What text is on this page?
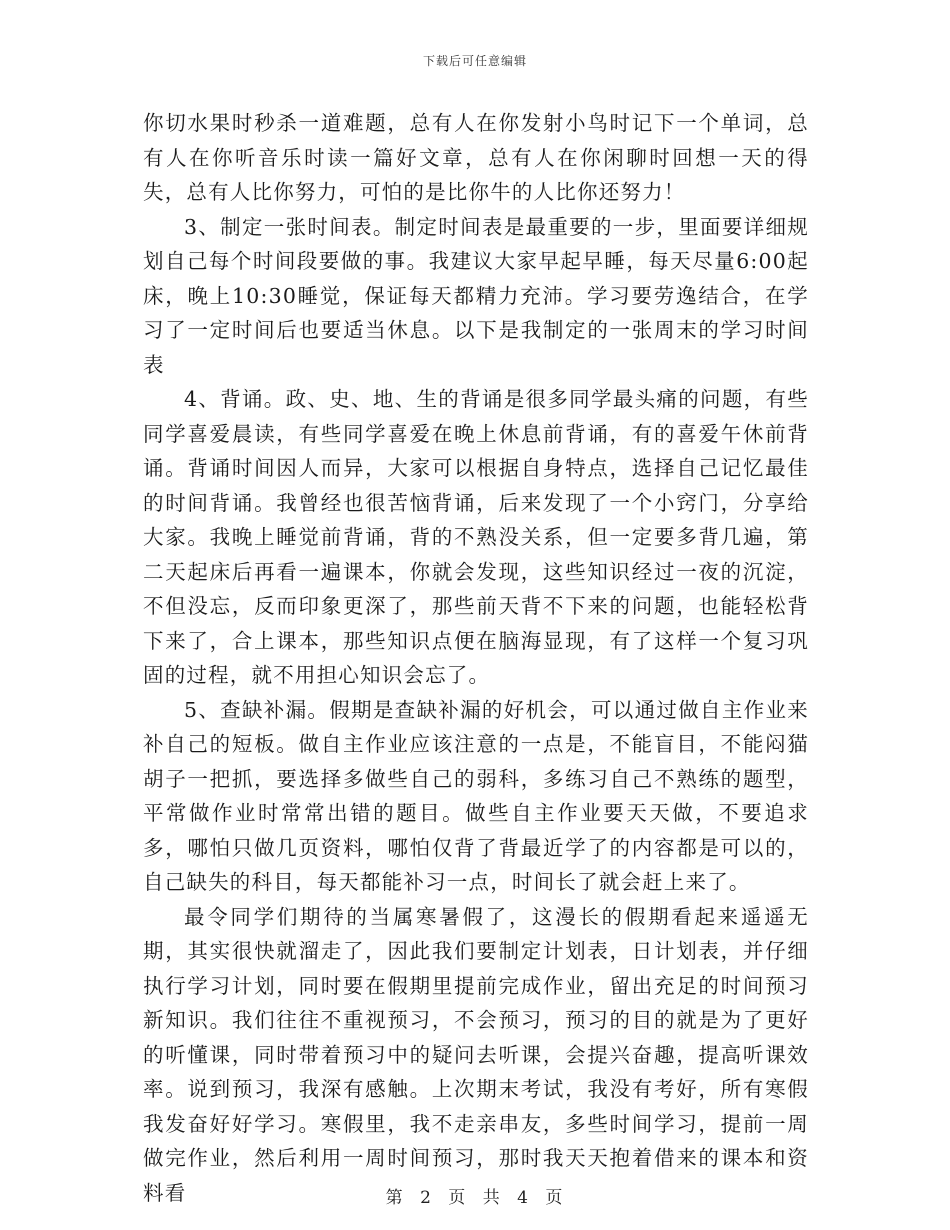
下载后可任意编辑

你切水果时秒杀一道难题，总有人在你发射小鸟时记下一个单词，总有人在你听音乐时读一篇好文章，总有人在你闲聊时回想一天的得失，总有人比你努力，可怕的是比你牛的人比你还努力！

3、制定一张时间表。制定时间表是最重要的一步，里面要详细规划自己每个时间段要做的事。我建议大家早起早睡，每天尽量6:00起床，晚上10:30睡觉，保证每天都精力充沛。学习要劳逸结合，在学习了一定时间后也要适当休息。以下是我制定的一张周末的学习时间表

4、背诵。政、史、地、生的背诵是很多同学最头痛的问题，有些同学喜爱晨读，有些同学喜爱在晚上休息前背诵，有的喜爱午休前背诵。背诵时间因人而异，大家可以根据自身特点，选择自己记忆最佳的时间背诵。我曾经也很苦恼背诵，后来发现了一个小窍门，分享给大家。我晚上睡觉前背诵，背的不熟没关系，但一定要多背几遍，第二天起床后再看一遍课本，你就会发现，这些知识经过一夜的沉淀，不但没忘，反而印象更深了，那些前天背不下来的问题，也能轻松背下来了，合上课本，那些知识点便在脑海显现，有了这样一个复习巩固的过程，就不用担心知识会忘了。

5、查缺补漏。假期是查缺补漏的好机会，可以通过做自主作业来补自己的短板。做自主作业应该注意的一点是，不能盲目，不能闷猫胡子一把抓，要选择多做些自己的弱科，多练习自己不熟练的题型，平常做作业时常常出错的题目。做些自主作业要天天做，不要追求多，哪怕只做几页资料，哪怕仅背了背最近学了的内容都是可以的，自己缺失的科目，每天都能补习一点，时间长了就会赶上来了。

最令同学们期待的当属寒暑假了，这漫长的假期看起来遥遥无期，其实很快就溜走了，因此我们要制定计划表，日计划表，并仔细执行学习计划，同时要在假期里提前完成作业，留出充足的时间预习新知识。我们往往不重视预习，不会预习，预习的目的就是为了更好的听懂课，同时带着预习中的疑问去听课，会提兴奋趣，提高听课效率。说到预习，我深有感触。上次期末考试，我没有考好，所有寒假我发奋好好学习。寒假里，我不走亲串友，多些时间学习，提前一周做完作业，然后利用一周时间预习，那时我天天抱着借来的课本和资料看	第 2 页 共 4 页
